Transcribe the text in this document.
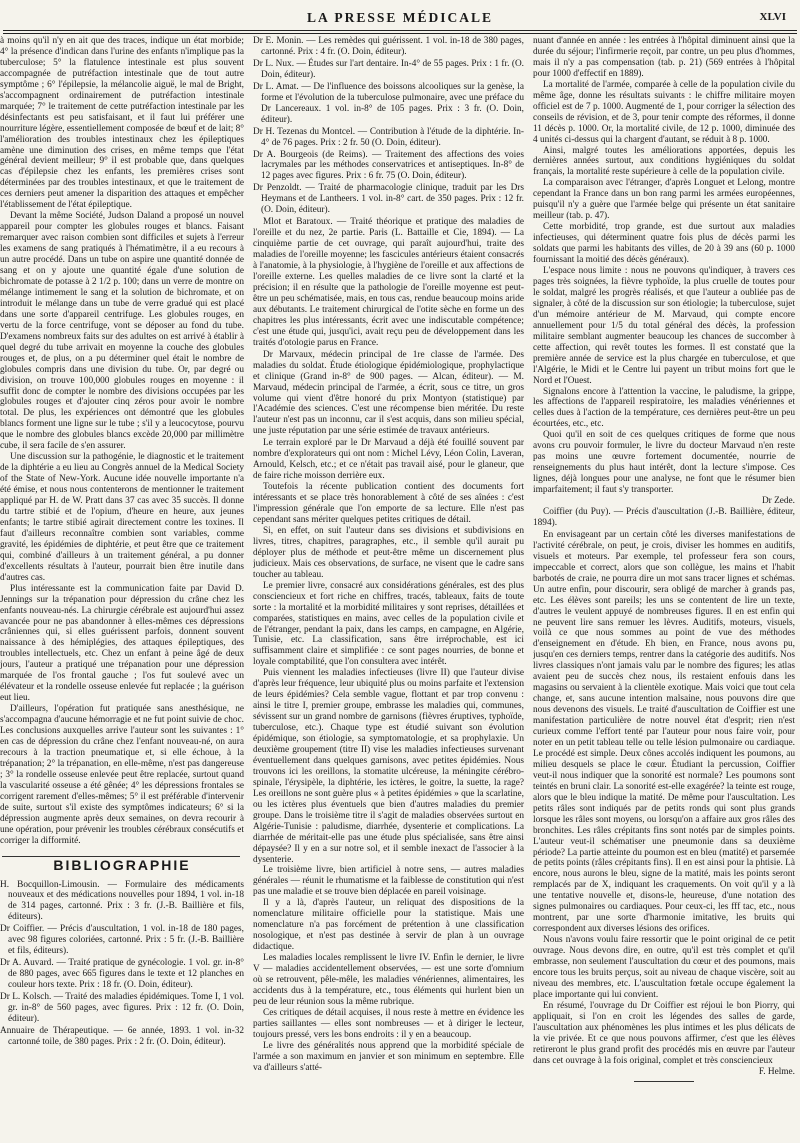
LA PRESSE MÉDICALE	XLVI

à moins qu'il n'y en ait que des traces, indique un état morbide; 4° la présence d'indican dans l'urine des enfants n'implique pas la tuberculose; 5° la flatulence intestinale est plus souvent accompagnée de putréfaction intestinale que de tout autre symptôme ; 6° l'épilepsie, la mélancolie aiguë, le mal de Bright, s'accompagnent ordinairement de putréfaction intestinale marquée; 7° le traitement de cette putréfaction intestinale par les désinfectants est peu satisfaisant, et il faut lui préférer une nourriture légère, essentiellement composée de bœuf et de lait; 8° l'amélioration des troubles intestinaux chez les épileptiques amène une diminution des crises, en même temps que l'état général devient meilleur; 9° il est probable que, dans quelques cas d'épilepsie chez les enfants, les premières crises sont déterminées par des troubles intestinaux, et que le traitement de ces derniers peut amener la disparition des attaques et empêcher l'établissement de l'état épileptique.

Devant la même Société, Judson Daland a proposé un nouvel appareil pour compter les globules rouges et blancs. Faisant remarquer avec raison combien sont difficiles et sujets à l'erreur les examens de sang pratiqués à l'hématimètre, il a eu recours à un autre procédé. Dans un tube on aspire une quantité donnée de sang et on y ajoute une quantité égale d'une solution de bichromate de potasse à 2 1/2 p. 100; dans un verre de montre on mélange intimement le sang et la solution de bichromate, et on introduit le mélange dans un tube de verre gradué qui est placé dans une sorte d'appareil centrifuge. Les globules rouges, en vertu de la force centrifuge, vont se déposer au fond du tube. D'examens nombreux faits sur des adultes on est arrivé à établir à quel degré du tube arrivait en moyenne la couche des globules rouges et, de plus, on a pu déterminer quel était le nombre de globules compris dans une division du tube. Or, par degré ou division, on trouve 100,000 globules rouges en moyenne : il suffit donc de compter le nombre des divisions occupées par les globules rouges et d'ajouter cinq zéros pour avoir le nombre total. De plus, les expériences ont démontré que les globules blancs forment une ligne sur le tube ; s'il y a leucocytose, pourvu que le nombre des globules blancs excède 20,000 par millimètre cube, il sera facile de s'en assurer.

Une discussion sur la pathogénie, le diagnostic et le traitement de la diphtérie a eu lieu au Congrès annuel de la Medical Society of the State of New-York. Aucune idée nouvelle importante n'a été émise, et nous nous contenterons de mentionner le traitement appliqué par H. de W. Pratt dans 37 cas avec 35 succès. Il donne du tartre stibié et de l'opium, d'heure en heure, aux jeunes enfants; le tartre stibié agirait directement contre les toxines. Il faut d'ailleurs reconnaître combien sont variables, comme gravité, les épidémies de diphtérie, et peut être que ce traitement qui, combiné d'ailleurs à un traitement général, a pu donner d'excellents résultats à l'auteur, pourrait bien être inutile dans d'autres cas.

Plus intéressante est la communication faite par David D. Jennings sur la trépanation pour dépression du crâne chez les enfants nouveau-nés. La chirurgie cérébrale est aujourd'hui assez avancée pour ne pas abandonner à elles-mêmes ces dépressions crâniennes qui, si elles guérissent parfois, donnent souvent naissance à des hémiplégies, des attaques épileptiques, des troubles intellectuels, etc. Chez un enfant à peine âgé de deux jours, l'auteur a pratiqué une trépanation pour une dépression marquée de l'os frontal gauche ; l'os fut soulevé avec un élévateur et la rondelle osseuse enlevée fut replacée ; la guérison eut lieu.

D'ailleurs, l'opération fut pratiquée sans anesthésique, ne s'accompagna d'aucune hémorragie et ne fut point suivie de choc. Les conclusions auxquelles arrive l'auteur sont les suivantes : 1° en cas de dépression du crâne chez l'enfant nouveau-né, on aura recours à la traction pneumatique et, si elle échoue, à la trépanation; 2° la trépanation, en elle-même, n'est pas dangereuse ; 3° la rondelle osseuse enlevée peut être replacée, surtout quand la vascularité osseuse a été gênée; 4° les dépressions frontales se corrigent rarement d'elles-mêmes; 5° il est préférable d'intervenir de suite, surtout s'il existe des symptômes indicateurs; 6° si la dépression augmente après deux semaines, on devra recourir à une opération, pour prévenir les troubles cérébraux consécutifs et corriger la difformité.

BIBLIOGRAPHIE

H. Bocquillon-Limousin. — Formulaire des médicaments nouveaux et des médications nouvelles pour 1894, 1 vol. in-18 de 314 pages, cartonné. Prix : 3 fr. (J.-B. Baillière et fils, éditeurs).

Dr Coiffier. — Précis d'auscultation, 1 vol. in-18 de 180 pages, avec 98 figures coloriées, cartonné. Prix : 5 fr. (J.-B. Baillière et fils, éditeurs).

Dr A. Auvard. — Traité pratique de gynécologie. 1 vol. gr. in-8° de 880 pages, avec 665 figures dans le texte et 12 planches en couleur hors texte. Prix : 18 fr. (O. Doin, éditeur).

Dr L. Kolsch. — Traité des maladies épidémiques. Tome I, 1 vol. gr. in-8° de 560 pages, avec figures. Prix : 12 fr. (O. Doin, éditeur).

Annuaire de Thérapeutique. — 6e année, 1893. 1 vol. in-32 cartonné toile, de 380 pages. Prix : 2 fr. (O. Doin, éditeur).

Dr E. Monin. — Les remèdes qui guérissent. 1 vol. in-18 de 380 pages, cartonné. Prix : 4 fr. (O. Doin, éditeur).

Dr L. Nux. — Études sur l'art dentaire. In-4° de 55 pages. Prix : 1 fr. (O. Doin, éditeur).

Dr L. Amat. — De l'influence des boissons alcooliques sur la genèse, la forme et l'évolution de la tuberculose pulmonaire, avec une préface du Dr Lancereaux. 1 vol. in-8° de 105 pages. Prix : 3 fr. (O. Doin, éditeur).

Dr H. Tezenas du Montcel. — Contribution à l'étude de la diphtérie. In-4° de 76 pages. Prix : 2 fr. 50 (O. Doin, éditeur).

Dr A. Bourgeois (de Reims). — Traitement des affections des voies lacrymales par les méthodes conservatrices et antiseptiques. In-8° de 12 pages avec figures. Prix : 6 fr. 75 (O. Doin, éditeur).

Dr Penzoldt. — Traité de pharmacologie clinique, traduit par les Drs Heymans et de Lantheers. 1 vol. in-8° cart. de 350 pages. Prix : 12 fr. (O. Doin, éditeur).

Mlot et Baratoux. — Traité théorique et pratique des maladies de l'oreille et du nez, 2e partie. Paris (L. Battaille et Cie, 1894). — La cinquième partie de cet ouvrage, qui paraît aujourd'hui, traite des maladies de l'oreille moyenne; les fascicules antérieurs étaient consacrés à l'anatomie, à la physiologie, à l'hygiène de l'oreille et aux affections de l'oreille externe. Les quelles maladies de ce livre sont la clarté et la précision; il en résulte que la pathologie de l'oreille moyenne est peut-être un peu schématisée, mais, en tous cas, rendue beaucoup moins aride aux débutants. Le traitement chirurgical de l'otite sèche en forme un des chapitres les plus intéressants, écrit avec une indiscutable compétence; c'est une étude qui, jusqu'ici, avait reçu peu de développement dans les traités d'otologie parus en France.

Dr Marvaux, médecin principal de 1re classe de l'armée. Des maladies du soldat. Étude étiologique épidémiologique, prophylactique et clinique (Grand in-8° de 900 pages. — Alcan, éditeur). — M. Marvaud, médecin principal de l'armée, a écrit, sous ce titre, un gros volume qui vient d'être honoré du prix Montyon (statistique) par l'Académie des sciences. C'est une récompense bien méritée. Du reste l'auteur n'est pas un inconnu, car il s'est acquis, dans son milieu spécial, une juste réputation par une série estimée de travaux antérieurs.

Le terrain exploré par le Dr Marvaud a déjà été fouillé souvent par nombre d'explorateurs qui ont nom : Michel Lévy, Léon Colin, Laveran, Arnould, Kelsch, etc.; et ce n'était pas travail aisé, pour le glaneur, que de faire riche moisson derrière eux.

Toutefois la récente publication contient des documents fort intéressants et se place très honorablement à côté de ses aînées : c'est l'impression générale que l'on emporte de sa lecture. Elle n'est pas cependant sans mériter quelques petites critiques de détail.

Si, en effet, on suit l'auteur dans ses divisions et subdivisions en livres, titres, chapitres, paragraphes, etc., il semble qu'il aurait pu déployer plus de méthode et peut-être même un discernement plus judicieux. Mais ces observations, de surface, ne visent que le cadre sans toucher au tableau.

Le premier livre, consacré aux considérations générales, est des plus consciencieux et fort riche en chiffres, tracés, tableaux, faits de toute sorte : la mortalité et la morbidité militaires y sont reprises, détaillées et comparées, statistiques en mains, avec celles de la population civile et de l'étranger, pendant la paix, dans les camps, en campagne, en Algérie, Tunisie, etc. La classification, sans être irréprochable, est ici suffisamment claire et simplifiée : ce sont pages nourries, de bonne et loyale comptabilité, que l'on consultera avec intérêt.

Puis viennent les maladies infectieuses (livre II) que l'auteur divise d'après leur fréquence, leur ubiquité plus ou moins parfaite et l'extension de leurs épidémies? Cela semble vague, flottant et par trop convenu : ainsi le titre I, premier groupe, embrasse les maladies qui, communes, sévissent sur un grand nombre de garnisons (fièvres éruptives, typhoïde, tuberculose, etc.). Chaque type est étudié suivant son évolution épidémique, son étiologie, sa symptomatologie, et sa prophylaxie. Un deuxième groupement (titre II) vise les maladies infectieuses survenant éventuellement dans quelques garnisons, avec petites épidémies. Nous trouvons ici les oreillons, la stomatite ulcéreuse, la méningite cérébro-spinale, l'érysipèle, la diphtérie, les ictères, le goitre, la suette, la rage? Les oreillons ne sont guère plus « à petites épidémies » que la scarlatine, ou les ictères plus éventuels que bien d'autres maladies du premier groupe. Dans le troisième titre il s'agit de maladies observées surtout en Algérie-Tunisie : paludisme, diarrhée, dysenterie et complications. La diarrhée de méritait-elle pas une étude plus spécialisée, sans être ainsi dépaysée? Il y en a sur notre sol, et il semble inexact de l'associer à la dysenterie.

Le troisième livre, bien artificiel à notre sens, — autres maladies générales — réunit le rhumatisme et la faiblesse de constitution qui n'est pas une maladie et se trouve bien déplacée en pareil voisinage.

Il y a là, d'après l'auteur, un reliquat des dispositions de la nomenclature militaire officielle pour la statistique. Mais une nomenclature n'a pas forcément de prétention à une classification nosologique, et n'est pas destinée à servir de plan à un ouvrage didactique.

Les maladies locales remplissent le livre IV. Enfin le dernier, le livre V — maladies accidentellement observées, — est une sorte d'omnium où se retrouvent, pêle-mêle, les maladies vénériennes, alimentaires, les accidents dus à la température, etc., tous éléments qui hurlent bien un peu de leur réunion sous la même rubrique.

Ces critiques de détail acquises, il nous reste à mettre en évidence les parties saillantes — elles sont nombreuses — et à diriger le lecteur, toujours pressé, vers les bons endroits : il y en a beaucoup.

Le livre des généralités nous apprend que la morbidité spéciale de l'armée a son maximum en janvier et son minimum en septembre. Elle va d'ailleurs s'atté-

nuant d'année en année : les entrées à l'hôpital diminuent ainsi que la durée du séjour; l'infirmerie reçoit, par contre, un peu plus d'hommes, mais il n'y a pas compensation (tab. p. 21) (569 entrées à l'hôpital pour 1000 d'effectif en 1889).

La mortalité de l'armée, comparée à celle de la population civile du même âge, donne les résultats suivants : le chiffre militaire moyen officiel est de 7 p. 1000. Augmenté de 1, pour corriger la sélection des conseils de révision, et de 3, pour tenir compte des réformes, il donne 11 décès p. 1000. Or, la mortalité civile, de 12 p. 1000, diminuée des 4 unités ci-dessus qui la chargent d'autant, se réduit à 8 p. 1000.

Ainsi, malgré toutes les améliorations apportées, depuis les dernières années surtout, aux conditions hygiéniques du soldat français, la mortalité reste supérieure à celle de la population civile.

La comparaison avec l'étranger, d'après Longuet et Lelong, montre cependant la France dans un bon rang parmi les armées européennes, puisqu'il n'y a guère que l'armée belge qui présente un état sanitaire meilleur (tab. p. 47).

Cette morbidité, trop grande, est due surtout aux maladies infectieuses, qui déterminent quatre fois plus de décès parmi les soldats que parmi les habitants des villes, de 20 à 39 ans (60 p. 1000 fournissant la moitié des décès généraux).

L'espace nous limite : nous ne pouvons qu'indiquer, à travers ces pages très soignées, la fièvre typhoïde, la plus cruelle de toutes pour le soldat, malgré les progrès réalisés, et que l'auteur a oubliée pas de signaler, à côté de la discussion sur son étiologie; la tuberculose, sujet d'un mémoire antérieur de M. Marvaud, qui compte encore annuellement pour 1/5 du total général des décès, la profession militaire semblant augmenter beaucoup les chances de succomber à cette affection, qui revêt toutes les formes. Il est constaté que la première année de service est la plus chargée en tuberculose, et que l'Algérie, le Midi et le Centre lui payent un tribut moins fort que le Nord et l'Ouest.

Signalons encore à l'attention la vaccine, le paludisme, la grippe, les affections de l'appareil respiratoire, les maladies vénériennes et celles dues à l'action de la température, ces dernières peut-être un peu écourtées, etc., etc.

Quoi qu'il en soit de ces quelques critiques de forme que nous avons cru pouvoir formuler, le livre du docteur Marvaud n'en reste pas moins une œuvre fortement documentée, nourrie de renseignements du plus haut intérêt, dont la lecture s'impose. Ces lignes, déjà longues pour une analyse, ne font que le résumer bien imparfaitement; il faut s'y transporter.

Dr Zede.

Coiffier (du Puy). — Précis d'auscultation (J.-B. Baillière, éditeur, 1894).

En envisageant par un certain côté les diverses manifestations de l'activité cérébrale, on peut, je crois, diviser les hommes en auditifs, visuels et moteurs. Par exemple, tel professeur fera son cours, impeccable et correct, alors que son collègue, les mains et l'habit barbotés de craie, ne pourra dire un mot sans tracer lignes et schémas. Un autre enfin, pour discourir, sera obligé de marcher à grands pas, etc. Les élèves sont pareils; les uns se contentent de lire un texte, d'autres le veulent appuyé de nombreuses figures. Il en est enfin qui ne peuvent lire sans remuer les lèvres. Auditifs, moteurs, visuels, voilà ce que nous sommes au point de vue des méthodes d'enseignement en d'étude. Eh bien, en France, nous avons pu, jusqu'en ces derniers temps, rentrer dans la catégorie des auditifs. Nos livres classiques n'ont jamais valu par le nombre des figures; les atlas avaient peu de succès chez nous, ils restaient enfouis dans les magasins ou servaient à la clientèle exotique. Mais voici que tout cela change, et, sans aucune intention malsaine, nous pouvons dire que nous devenons des visuels. Le traité d'auscultation de Coiffier est une manifestation particulière de notre nouvel état d'esprit; rien n'est curieux comme l'effort tenté par l'auteur pour nous faire voir, pour noter en un petit tableau telle ou telle lésion pulmonaire ou cardiaque. Le procédé est simple. Deux cônes accolés indiquent les poumons, au milieu desquels se place le cœur. Étudiant la percussion, Coiffier veut-il nous indiquer que la sonorité est normale? Les poumons sont teintés en bruni clair. La sonorité est-elle exagérée? la teinte est rouge, alors que le bleu indique la matité. De même pour l'auscultation. Les petits râles sont indiqués par de petits ronds qui sont plus grands lorsque les râles sont moyens, ou lorsqu'on a affaire aux gros râles des bronchites. Les râles crépitants fins sont notés par de simples points. L'auteur veut-il schématiser une pneumonie dans sa deuxième période? La partie atteinte du poumon est en bleu (matité) et parsemée de petits points (râles crépitants fins). Il en est ainsi pour la phtisie. Là encore, nous aurons le bleu, signe de la matité, mais les points seront remplacés par de X, indiquant les craquements. On voit qu'il y a là une tentative nouvelle et, disons-le, heureuse, d'une notation des signes pulmonaires ou cardiaques. Pour ceux-ci, les fff tac, etc., nous montrent, par une sorte d'harmonie imitative, les bruits qui correspondent aux diverses lésions des orifices.

Nous n'avons voulu faire ressortir que le point original de ce petit ouvrage. Nous devons dire, en outre, qu'il est très complet et qu'il embrasse, non seulement l'auscultation du cœur et des poumons, mais encore tous les bruits perçus, soit au niveau de chaque viscère, soit au niveau des membres, etc. L'auscultation fœtale occupe également la place importante qui lui convient.

En résumé, l'ouvrage du Dr Coiffier est réjoui le bon Piorry, qui appliquait, si l'on en croit les légendes des salles de garde, l'auscultation aux phénomènes les plus intimes et les plus délicats de la vie privée. Et ce que nous pouvons affirmer, c'est que les élèves retireront le plus grand profit des procédés mis en œuvre par l'auteur dans cet ouvrage à la fois original, complet et très consciencieux

F. Helme.
